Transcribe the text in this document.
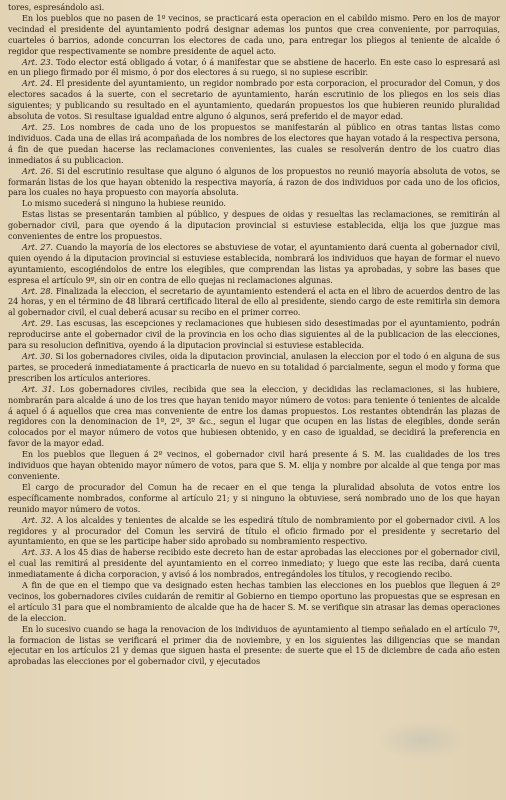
tores, espresándolo asi.

En los pueblos que no pasen de 1º vecinos, se practicará esta operacion en el cabildo mismo. Pero en los de mayor vecindad el presidente del ayuntamiento podrá designar ademas los puntos que crea conveniente, por parroquias, cuarteles ó barrios, adonde concurran los electores de cada uno, para entregar los pliegos al teniente de alcalde ó regidor que respectivamente se nombre presidente de aquel acto.

Art. 23. Todo elector está obligado á votar, ó á manifestar que se abstiene de hacerlo. En este caso lo espresará asi en un pliego firmado por él mismo, ó por dos electores á su ruego, si no supiese escribir.

Art. 24. El presidente del ayuntamiento, un regidor nombrado por esta corporacion, el procurador del Comun, y dos electores sacados á la suerte, con el secretario de ayuntamiento, harán escrutinio de los pliegos en los seis dias siguientes; y publicando su resultado en el ayuntamiento, quedarán propuestos los que hubieren reunido pluralidad absoluta de votos. Si resultase igualdad entre alguno ó algunos, será preferido el de mayor edad.

Art. 25. Los nombres de cada uno de los propuestos se manifestarán al público en otras tantas listas como individuos. Cada una de ellas irá acompañada de los nombres de los electores que hayan votado á la respectiva persona, á fin de que puedan hacerse las reclamaciones convenientes, las cuales se resolverán dentro de los cuatro dias inmediatos á su publicacion.

Art. 26. Si del escrutinio resultase que alguno ó algunos de los propuestos no reunió mayoría absoluta de votos, se formarán listas de los que hayan obtenido la respectiva mayoría, á razon de dos individuos por cada uno de los oficios, para los cuales no haya propuesto con mayoría absoluta.

Lo mismo sucederá si ninguno la hubiese reunido.

Estas listas se presentarán tambien al público, y despues de oidas y resueltas las reclamaciones, se remitirán al gobernador civil, para que oyendo á la diputacion provincial si estuviese establecida, elija los que juzgue mas convenientes de entre los propuestos.

Art. 27. Cuando la mayoría de los electores se abstuviese de votar, el ayuntamiento dará cuenta al gobernador civil, quien oyendo á la diputacion provincial si estuviese establecida, nombrará los individuos que hayan de formar el nuevo ayuntamiento, escogiéndolos de entre los elegibles, que comprendan las listas ya aprobadas, y sobre las bases que espresa el artículo 9º, sin oir en contra de ello quejas ni reclamaciones algunas.

Art. 28. Finalizada la eleccion, el secretario de ayuntamiento estenderá el acta en el libro de acuerdos dentro de las 24 horas, y en el término de 48 librará certificado literal de ello al presidente, siendo cargo de este remitirla sin demora al gobernador civil, el cual deberá acusar su recibo en el primer correo.

Art. 29. Las escusas, las escepciones y reclamaciones que hubiesen sido desestimadas por el ayuntamiento, podrán reproducirse ante el gobernador civil de la provincia en los ocho dias siguientes al de la publicacion de las elecciones, para su resolucion definitiva, oyendo á la diputacion provincial si estuviese establecida.

Art. 30. Si los gobernadores civiles, oida la diputacion provincial, anulasen la eleccion por el todo ó en alguna de sus partes, se procederá inmediatamente á practicarla de nuevo en su totalidad ó parcialmente, segun el modo y forma que prescriben los artículos anteriores.

Art. 31. Los gobernadores civiles, recibida que sea la eleccion, y decididas las reclamaciones, si las hubiere, nombrarán para alcalde á uno de los tres que hayan tenido mayor número de votos: para teniente ó tenientes de alcalde á aquel ó á aquellos que crea mas conveniente de entre los damas propuestos. Los restantes obtendrán las plazas de regidores con la denominacion de 1º, 2º, 3º &c., segun el lugar que ocupen en las listas de elegibles, donde serán colocados por el mayor número de votos que hubiesen obtenido, y en caso de igualdad, se decidirá la preferencia en favor de la mayor edad.

En los pueblos que lleguen á 2º vecinos, el gobernador civil hará presente á S. M. las cualidades de los tres individuos que hayan obtenido mayor número de votos, para que S. M. elija y nombre por alcalde al que tenga por mas conveniente.

El cargo de procurador del Comun ha de recaer en el que tenga la pluralidad absoluta de votos entre los específicamente nombrados, conforme al artículo 21; y si ninguno la obtuviese, será nombrado uno de los que hayan reunido mayor número de votos.

Art. 32. A los alcaldes y tenientes de alcalde se les espedirá título de nombramiento por el gobernador civil. A los regidores y al procurador del Comun les servirá de título el oficio firmado por el presidente y secretario del ayuntamiento, en que se les participe haber sido aprobado su nombramiento respectivo.

Art. 33. A los 45 dias de haberse recibido este decreto han de estar aprobadas las elecciones por el gobernador civil, el cual las remitirá al presidente del ayuntamiento en el correo inmediato; y luego que este las reciba, dará cuenta inmediatamente á dicha corporacion, y avisó á los nombrados, entregándoles los títulos, y recogiendo recibo.

A fin de que en el tiempo que va designado esten hechas tambien las elecciones en los pueblos que lleguen á 2º vecinos, los gobernadores civiles cuidarán de remitir al Gobierno en tiempo oportuno las propuestas que se espresan en el artículo 31 para que el nombramiento de alcalde que ha de hacer S. M. se verifique sin atrasar las demas operaciones de la eleccion.

En lo sucesivo cuando se haga la renovacion de los individuos de ayuntamiento al tiempo señalado en el artículo 7º, la formacion de listas se verificará el primer dia de noviembre, y en los siguientes las diligencias que se mandan ejecutar en los artículos 21 y demas que siguen hasta el presente: de suerte que el 15 de diciembre de cada año esten aprobadas las elecciones por el gobernador civil, y ejecutados
